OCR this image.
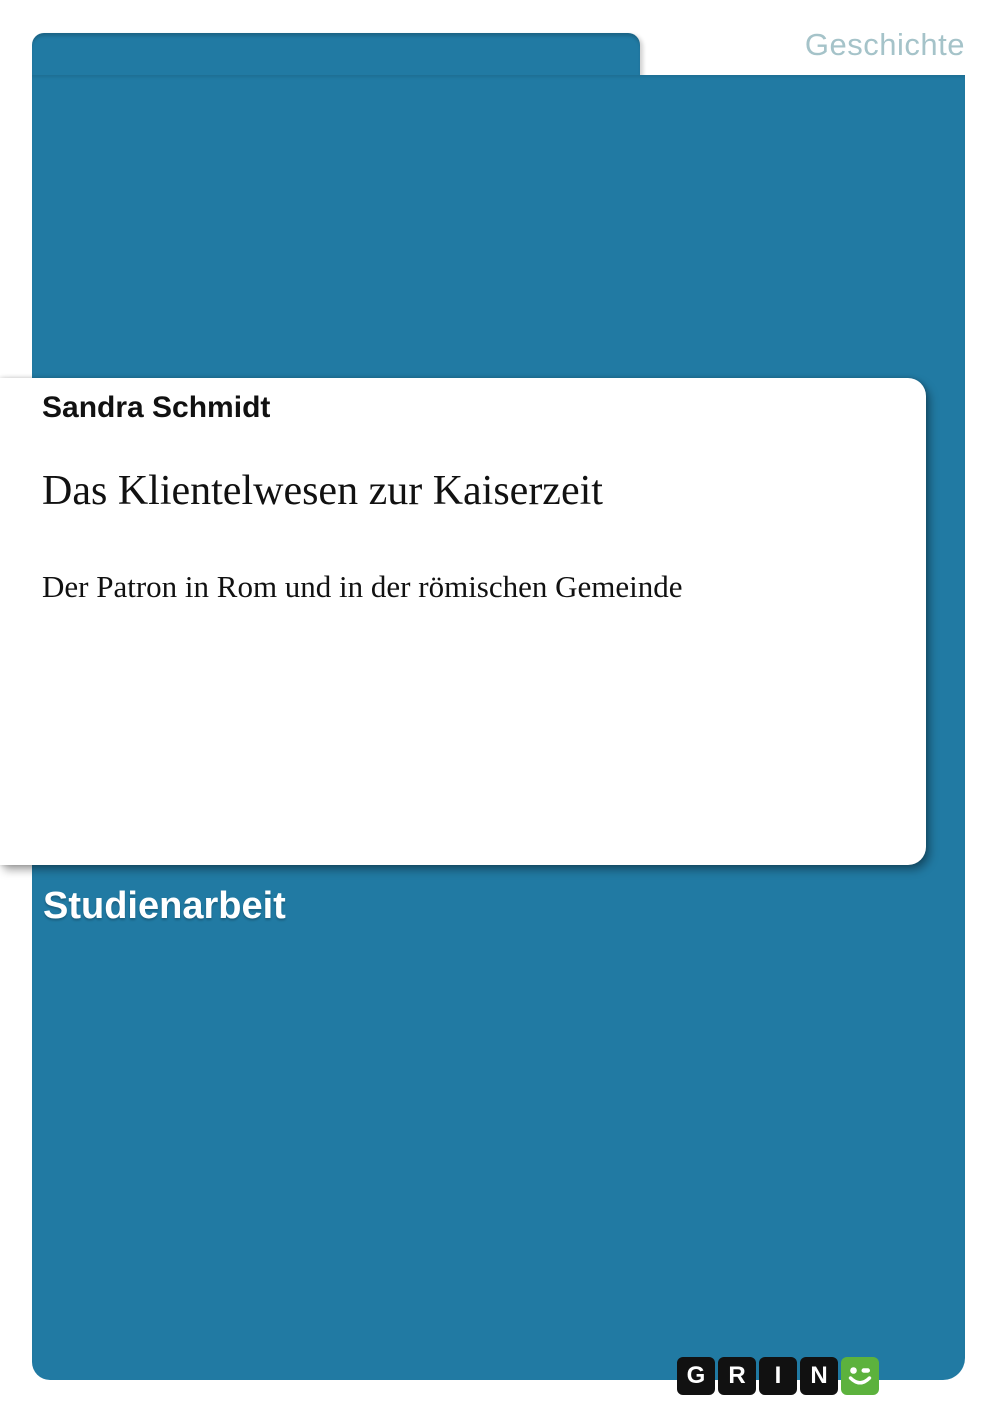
Geschichte
Sandra Schmidt
Das Klientelwesen zur Kaiserzeit
Der Patron in Rom und in der römischen Gemeinde
Studienarbeit
G R	I	N
